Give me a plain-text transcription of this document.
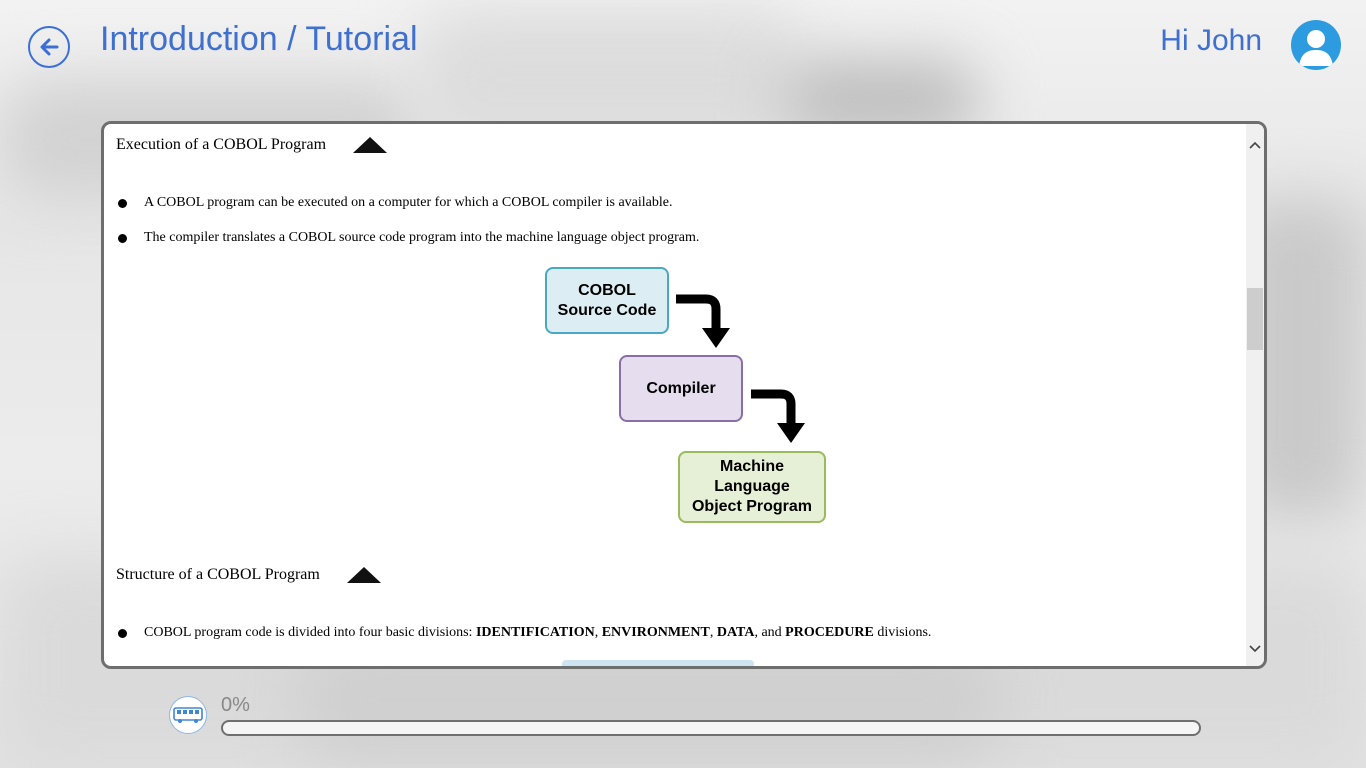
Introduction / Tutorial	Hi John
Execution of a COBOL Program
A COBOL program can be executed on a computer for which a COBOL compiler is available.
The compiler translates a COBOL source code program into the machine language object program.
COBOL
Source Code
Compiler
Machine
Language
Object Program
Structure of a COBOL Program
COBOL program code is divided into four basic divisions: IDENTIFICATION, ENVIRONMENT, DATA, and PROCEDURE divisions.
0%
